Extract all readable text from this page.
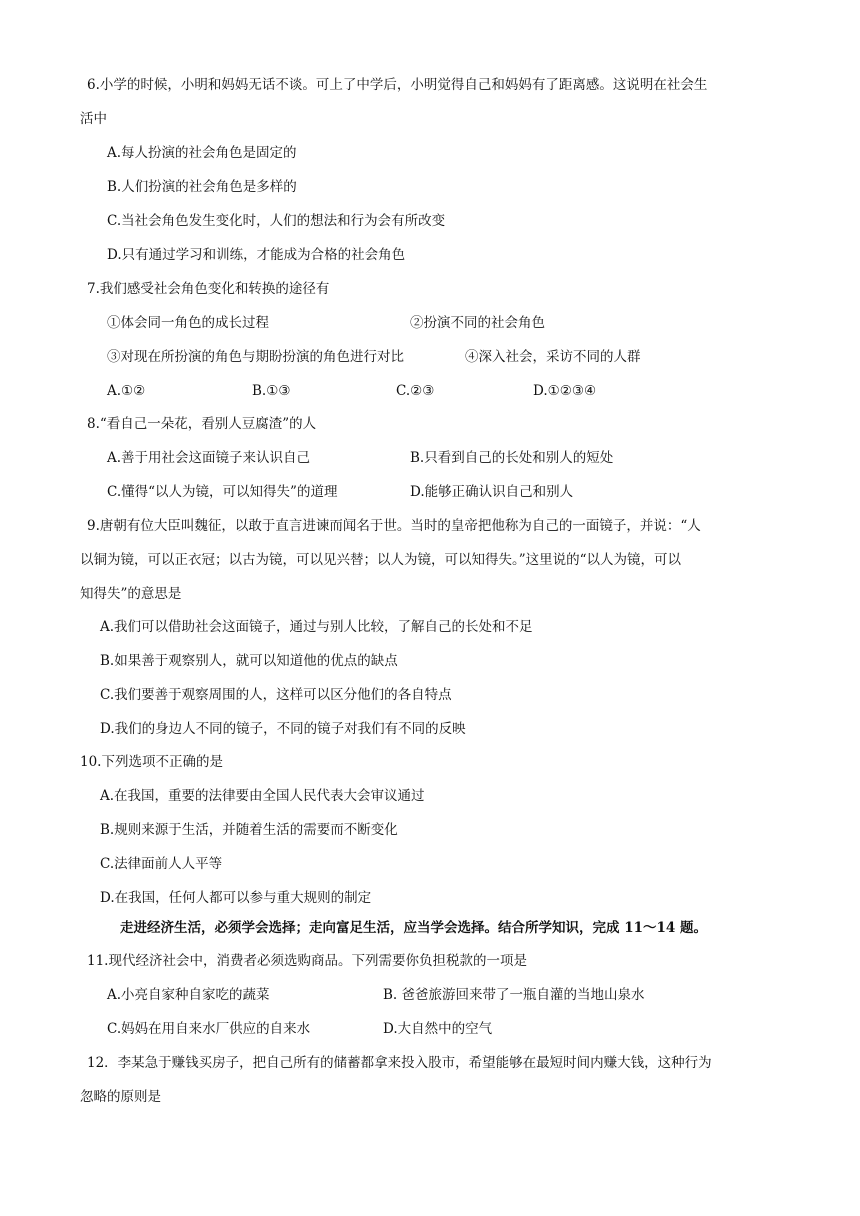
6.小学的时候，小明和妈妈无话不谈。可上了中学后，小明觉得自己和妈妈有了距离感。这说明在社会生
活中
A.每人扮演的社会角色是固定的
B.人们扮演的社会角色是多样的
C.当社会角色发生变化时，人们的想法和行为会有所改变
D.只有通过学习和训练，才能成为合格的社会角色
7.我们感受社会角色变化和转换的途径有
①体会同一角色的成长过程	②扮演不同的社会角色
③对现在所扮演的角色与期盼扮演的角色进行对比	④深入社会，采访不同的人群
A.①②	B.①③	C.②③	D.①②③④
8.“看自己一朵花，看别人豆腐渣”的人
A.善于用社会这面镜子来认识自己	B.只看到自己的长处和别人的短处
C.懂得“以人为镜，可以知得失”的道理	D.能够正确认识自己和别人
9.唐朝有位大臣叫魏征，以敢于直言进谏而闻名于世。当时的皇帝把他称为自己的一面镜子，并说：“人
以铜为镜，可以正衣冠；以古为镜，可以见兴替；以人为镜，可以知得失。”这里说的“以人为镜，可以
知得失”的意思是
A.我们可以借助社会这面镜子，通过与别人比较，了解自己的长处和不足
B.如果善于观察别人，就可以知道他的优点的缺点
C.我们要善于观察周围的人，这样可以区分他们的各自特点
D.我们的身边人不同的镜子，不同的镜子对我们有不同的反映
10.下列选项不正确的是
A.在我国，重要的法律要由全国人民代表大会审议通过
B.规则来源于生活，并随着生活的需要而不断变化
C.法律面前人人平等
D.在我国，任何人都可以参与重大规则的制定
走进经济生活，必须学会选择；走向富足生活，应当学会选择。结合所学知识，完成 11～14 题。
11.现代经济社会中，消费者必须选购商品。下列需要你负担税款的一项是
A.小亮自家种自家吃的蔬菜	B. 爸爸旅游回来带了一瓶自灌的当地山泉水
C.妈妈在用自来水厂供应的自来水	D.大自然中的空气
12．李某急于赚钱买房子，把自己所有的储蓄都拿来投入股市，希望能够在最短时间内赚大钱，这种行为
忽略的原则是
